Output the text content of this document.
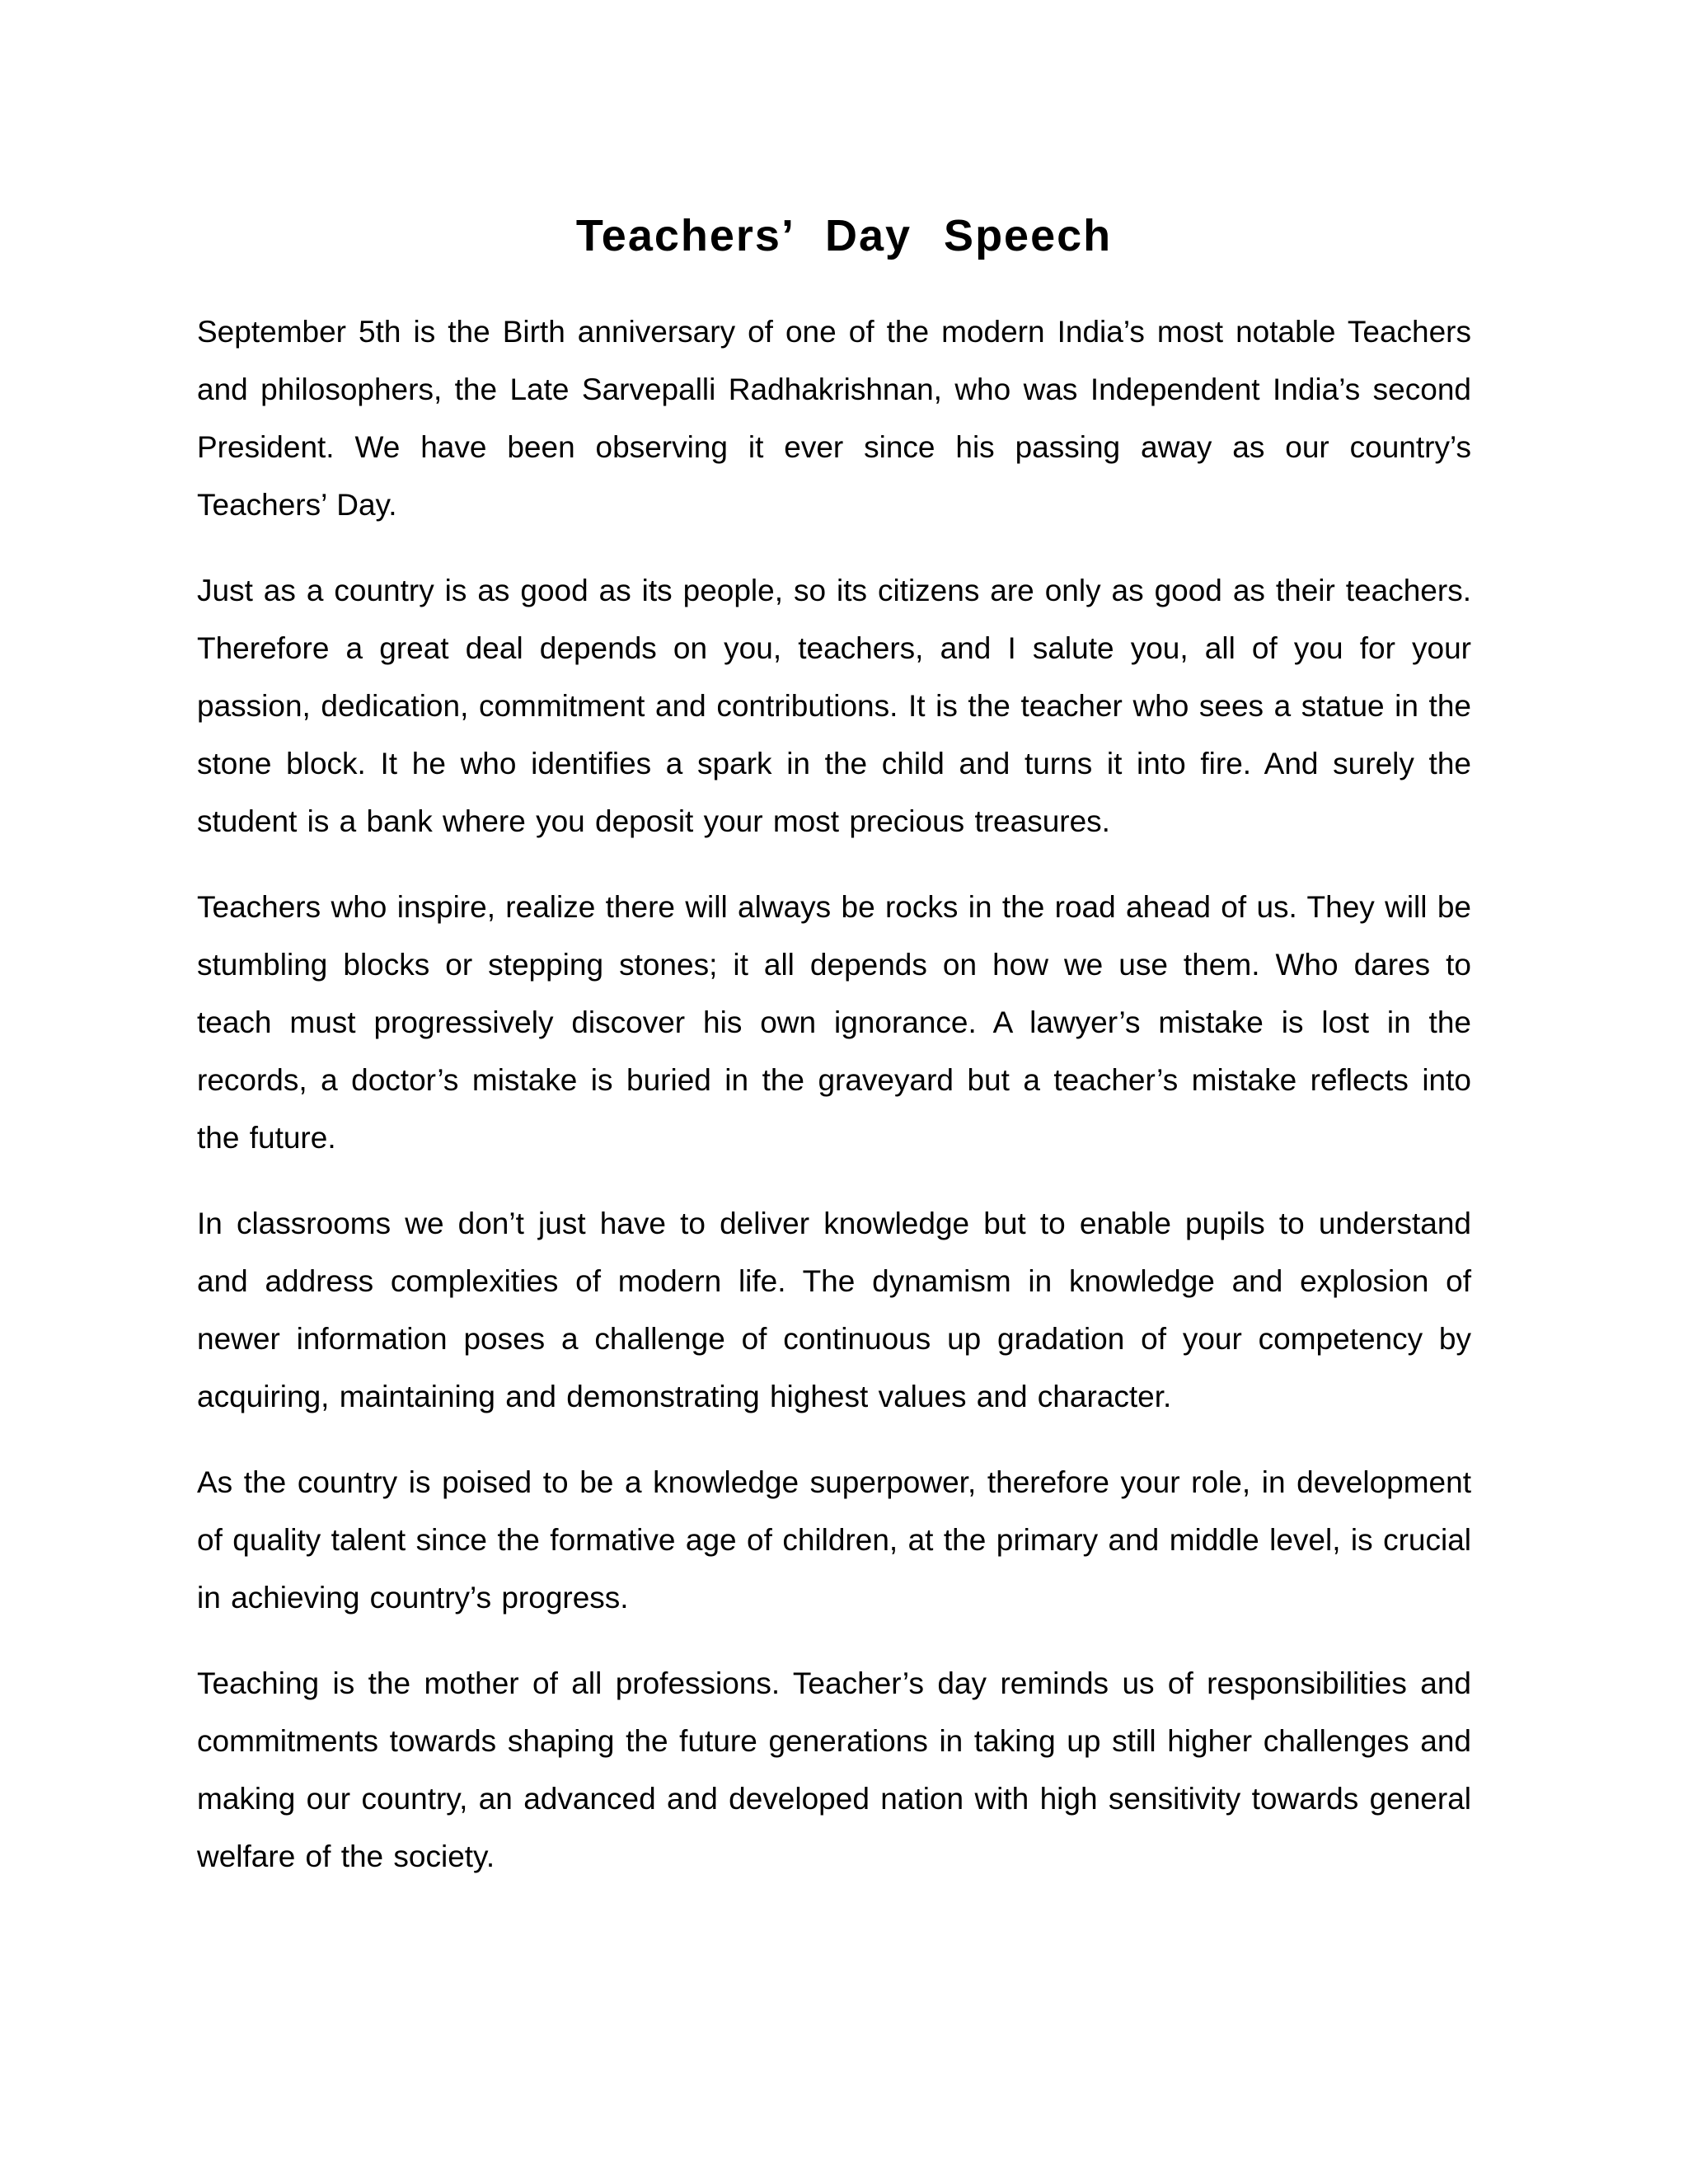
Teachers’ Day Speech

September 5th is the Birth anniversary of one of the modern India’s most notable Teachers and philosophers, the Late Sarvepalli Radhakrishnan, who was Independent India’s second President. We have been observing it ever since his passing away as our country’s Teachers’ Day.

Just as a country is as good as its people, so its citizens are only as good as their teachers. Therefore a great deal depends on you, teachers, and I salute you, all of you for your passion, dedication, commitment and contributions. It is the teacher who sees a statue in the stone block. It he who identifies a spark in the child and turns it into fire. And surely the student is a bank where you deposit your most precious treasures.

Teachers who inspire, realize there will always be rocks in the road ahead of us. They will be stumbling blocks or stepping stones; it all depends on how we use them. Who dares to teach must progressively discover his own ignorance. A lawyer’s mistake is lost in the records, a doctor’s mistake is buried in the graveyard but a teacher’s mistake reflects into the future.

In classrooms we don’t just have to deliver knowledge but to enable pupils to understand and address complexities of modern life. The dynamism in knowledge and explosion of newer information poses a challenge of continuous up gradation of your competency by acquiring, maintaining and demonstrating highest values and character.

As the country is poised to be a knowledge superpower, therefore your role, in development of quality talent since the formative age of children, at the primary and middle level, is crucial in achieving country’s progress.

Teaching is the mother of all professions. Teacher’s day reminds us of responsibilities and commitments towards shaping the future generations in taking up still higher challenges and making our country, an advanced and developed nation with high sensitivity towards general welfare of the society.
